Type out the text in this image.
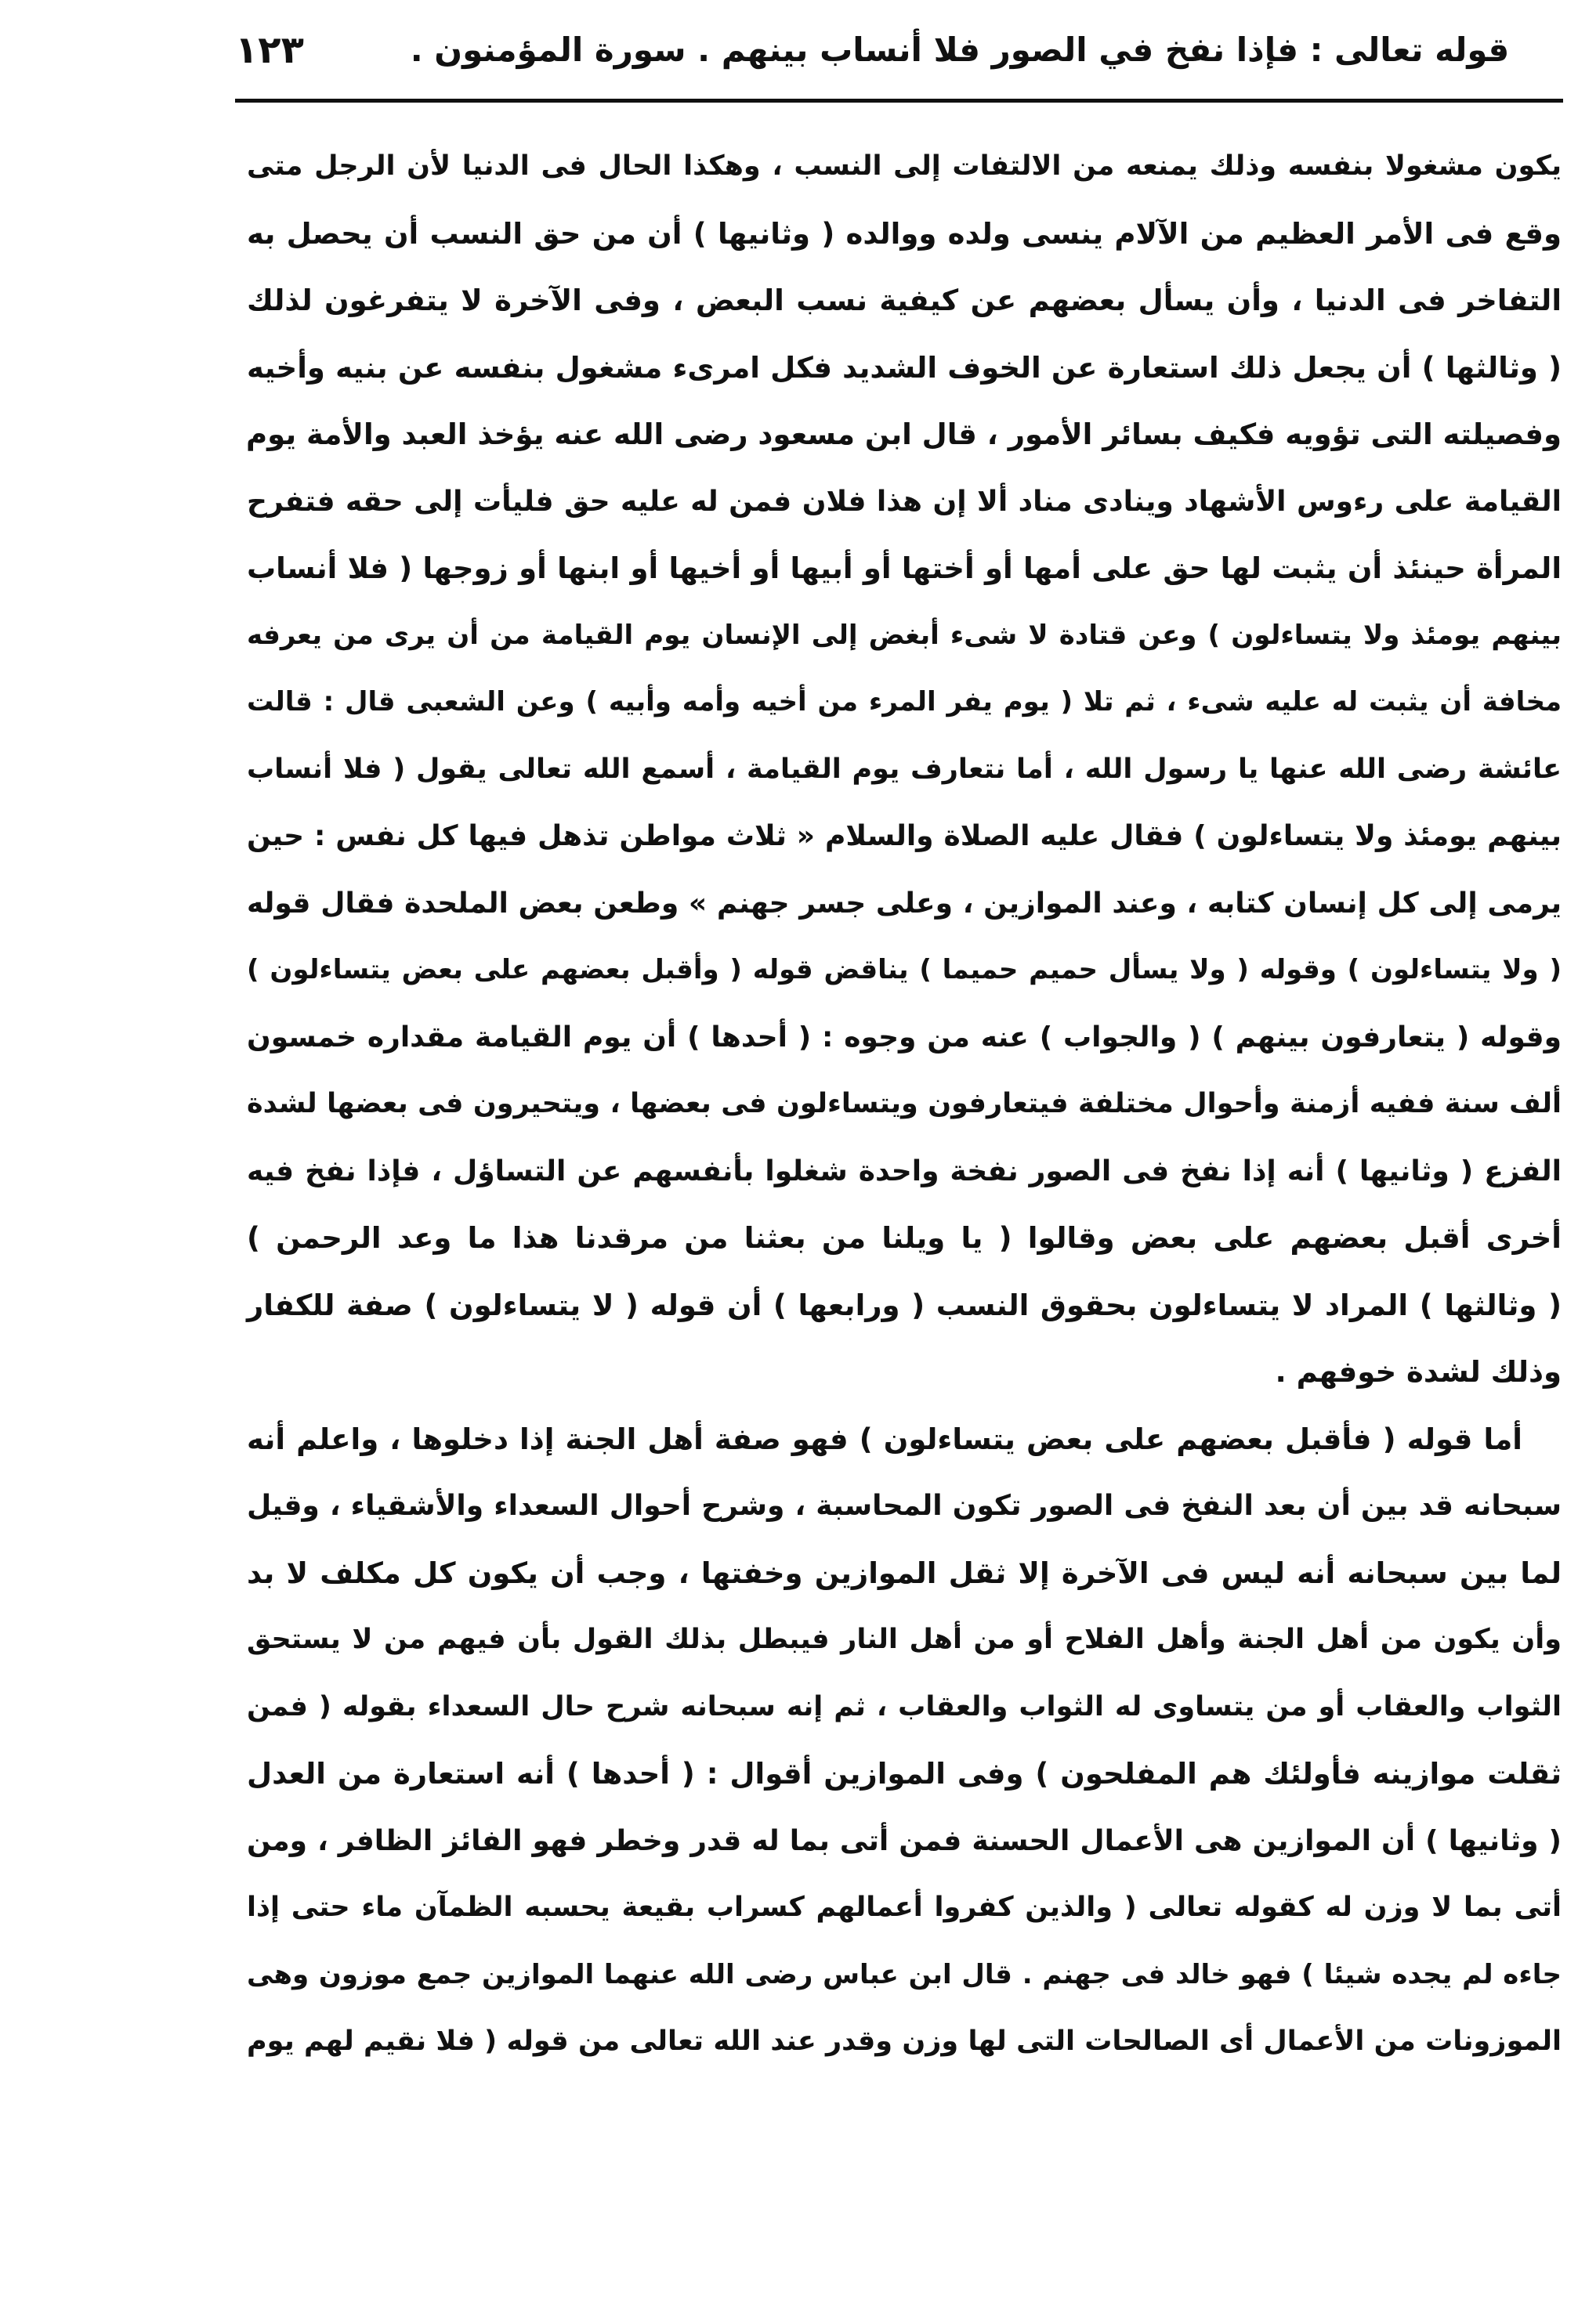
١٢٣	قوله تعالى : فإذا نفخ في الصور فلا أنساب بينهم . سورة المؤمنون .
يكون مشغولا بنفسه وذلك يمنعه من الالتفات إلى النسب ، وهكذا الحال فى الدنيا لأن الرجل متى
وقع فى الأمر العظيم من الآلام ينسى ولده ووالده ( وثانيها ) أن من حق النسب أن يحصل به
التفاخر فى الدنيا ، وأن يسأل بعضهم عن كيفية نسب البعض ، وفى الآخرة لا يتفرغون لذلك
( وثالثها ) أن يجعل ذلك استعارة عن الخوف الشديد فكل امرىء مشغول بنفسه عن بنيه وأخيه
وفصيلته التى تؤويه فكيف بسائر الأمور ، قال ابن مسعود رضى الله عنه يؤخذ العبد والأمة يوم
القيامة على رءوس الأشهاد وينادى مناد ألا إن هذا فلان فمن له عليه حق فليأت إلى حقه فتفرح
المرأة حينئذ أن يثبت لها حق على أمها أو أختها أو أبيها أو أخيها أو ابنها أو زوجها ( فلا أنساب
بينهم يومئذ ولا يتساءلون ) وعن قتادة لا شىء أبغض إلى الإنسان يوم القيامة من أن يرى من يعرفه
مخافة أن يثبت له عليه شىء ، ثم تلا ( يوم يفر المرء من أخيه وأمه وأبيه ) وعن الشعبى قال : قالت
عائشة رضى الله عنها يا رسول الله ، أما نتعارف يوم القيامة ، أسمع الله تعالى يقول ( فلا أنساب
بينهم يومئذ ولا يتساءلون ) فقال عليه الصلاة والسلام « ثلاث مواطن تذهل فيها كل نفس : حين
يرمى إلى كل إنسان كتابه ، وعند الموازين ، وعلى جسر جهنم » وطعن بعض الملحدة فقال قوله
( ولا يتساءلون ) وقوله ( ولا يسأل حميم حميما ) يناقض قوله ( وأقبل بعضهم على بعض يتساءلون )
وقوله ( يتعارفون بينهم ) ( والجواب ) عنه من وجوه : ( أحدها ) أن يوم القيامة مقداره خمسون
ألف سنة ففيه أزمنة وأحوال مختلفة فيتعارفون ويتساءلون فى بعضها ، ويتحيرون فى بعضها لشدة
الفزع ( وثانيها ) أنه إذا نفخ فى الصور نفخة واحدة شغلوا بأنفسهم عن التساؤل ، فإذا نفخ فيه
أخرى أقبل بعضهم على بعض وقالوا ( يا ويلنا من بعثنا من مرقدنا هذا ما وعد الرحمن )
( وثالثها ) المراد لا يتساءلون بحقوق النسب ( ورابعها ) أن قوله ( لا يتساءلون ) صفة للكفار
وذلك لشدة خوفهم .
أما قوله ( فأقبل بعضهم على بعض يتساءلون ) فهو صفة أهل الجنة إذا دخلوها ، واعلم أنه
سبحانه قد بين أن بعد النفخ فى الصور تكون المحاسبة ، وشرح أحوال السعداء والأشقياء ، وقيل
لما بين سبحانه أنه ليس فى الآخرة إلا ثقل الموازين وخفتها ، وجب أن يكون كل مكلف لا بد
وأن يكون من أهل الجنة وأهل الفلاح أو من أهل النار فيبطل بذلك القول بأن فيهم من لا يستحق
الثواب والعقاب أو من يتساوى له الثواب والعقاب ، ثم إنه سبحانه شرح حال السعداء بقوله ( فمن
ثقلت موازينه فأولئك هم المفلحون ) وفى الموازين أقوال : ( أحدها ) أنه استعارة من العدل
( وثانيها ) أن الموازين هى الأعمال الحسنة فمن أتى بما له قدر وخطر فهو الفائز الظافر ، ومن
أتى بما لا وزن له كقوله تعالى ( والذين كفروا أعمالهم كسراب بقيعة يحسبه الظمآن ماء حتى إذا
جاءه لم يجده شيئا ) فهو خالد فى جهنم . قال ابن عباس رضى الله عنهما الموازين جمع موزون وهى
الموزونات من الأعمال أى الصالحات التى لها وزن وقدر عند الله تعالى من قوله ( فلا نقيم لهم يوم
